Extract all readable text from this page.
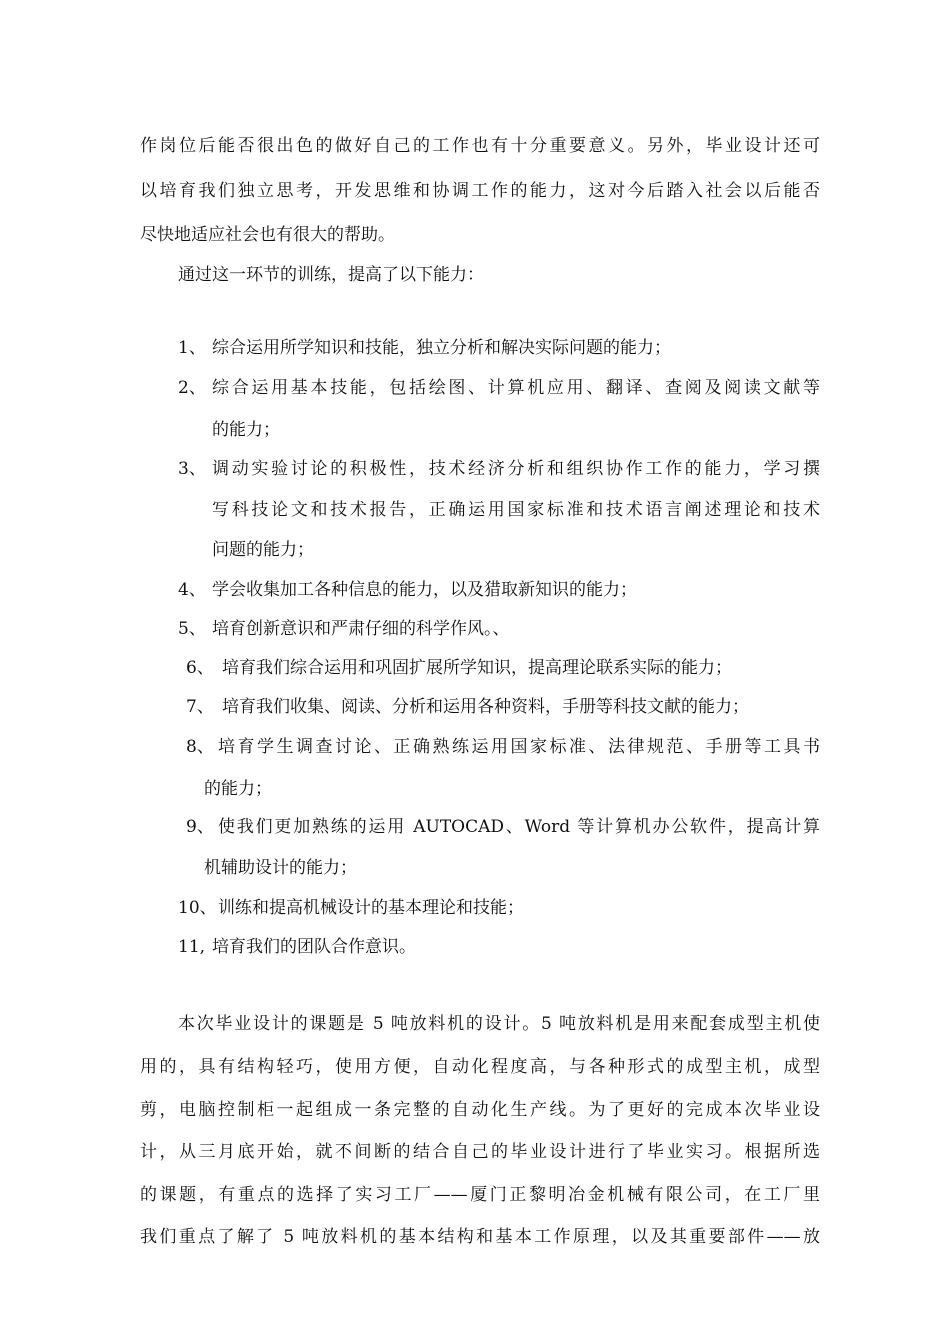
作岗位后能否很出色的做好自己的工作也有十分重要意义。另外，毕业设计还可
以培育我们独立思考，开发思维和协调工作的能力，这对今后踏入社会以后能否
尽快地适应社会也有很大的帮助。
通过这一环节的训练，提高了以下能力：
1、 综合运用所学知识和技能，独立分析和解决实际问题的能力；
2、 综合运用基本技能，包括绘图、计算机应用、翻译、查阅及阅读文献等
的能力；
3、 调动实验讨论的积极性，技术经济分析和组织协作工作的能力，学习撰
写科技论文和技术报告，正确运用国家标准和技术语言阐述理论和技术
问题的能力；
4、 学会收集加工各种信息的能力，以及猎取新知识的能力；
5、 培育创新意识和严肃仔细的科学作风。、
6、 培育我们综合运用和巩固扩展所学知识，提高理论联系实际的能力；
7、 培育我们收集、阅读、分析和运用各种资料，手册等科技文献的能力；
8、 培育学生调查讨论、正确熟练运用国家标准、法律规范、手册等工具书
的能力；
9、 使我们更加熟练的运用 AUTOCAD、Word 等计算机办公软件，提高计算
机辅助设计的能力；
10、 训练和提高机械设计的基本理论和技能；
11, 培育我们的团队合作意识。
本次毕业设计的课题是 5 吨放料机的设计。5 吨放料机是用来配套成型主机使
用的，具有结构轻巧，使用方便，自动化程度高，与各种形式的成型主机，成型
剪，电脑控制柜一起组成一条完整的自动化生产线。为了更好的完成本次毕业设
计，从三月底开始，就不间断的结合自己的毕业设计进行了毕业实习。根据所选
的课题，有重点的选择了实习工厂——厦门正黎明冶金机械有限公司，在工厂里
我们重点了解了 5 吨放料机的基本结构和基本工作原理，以及其重要部件——放
